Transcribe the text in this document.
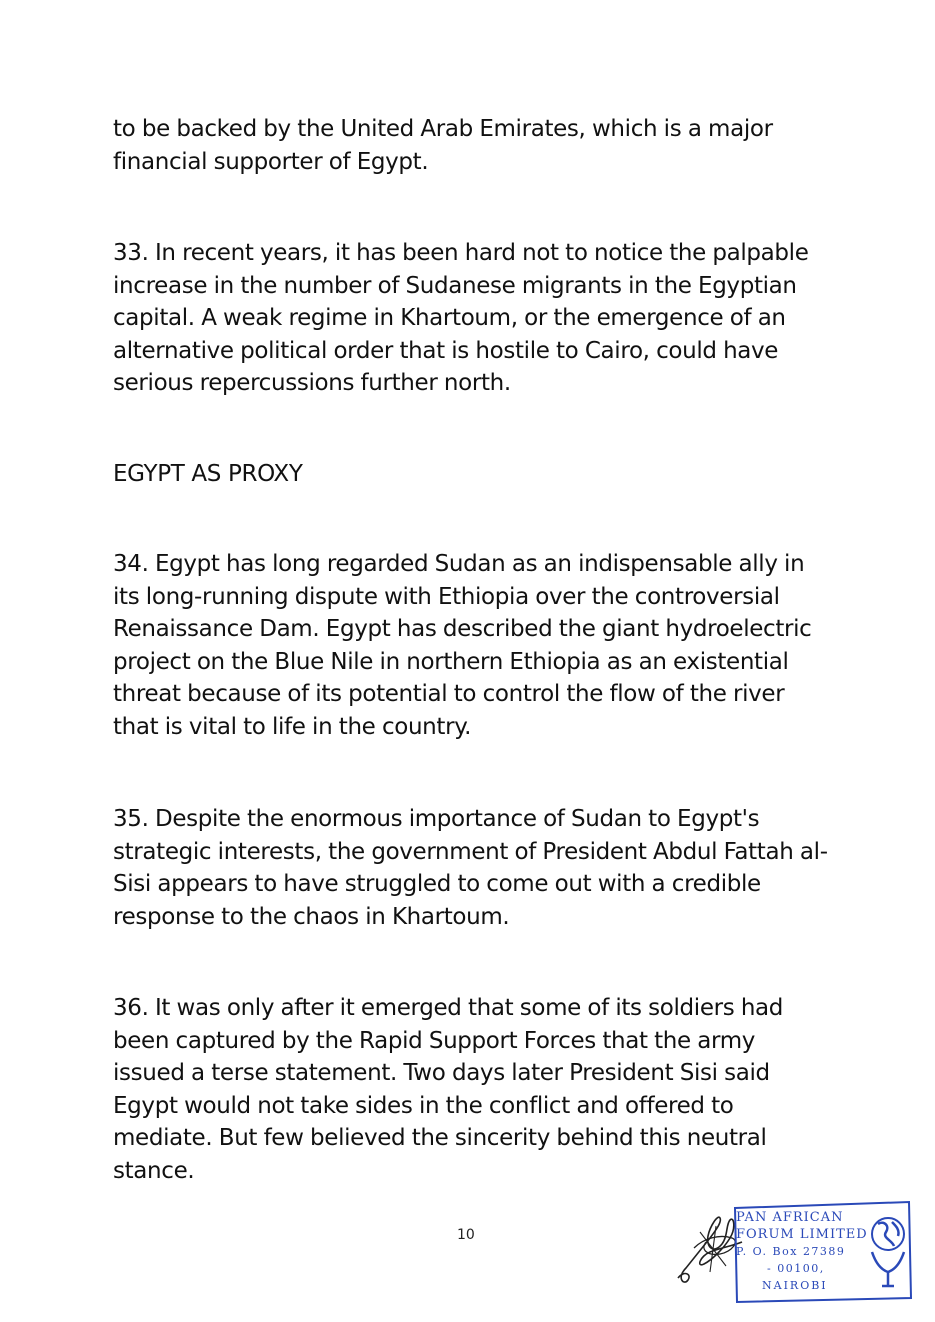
to be backed by the United Arab Emirates, which is a major financial supporter of Egypt.

33. In recent years, it has been hard not to notice the palpable increase in the number of Sudanese migrants in the Egyptian capital. A weak regime in Khartoum, or the emergence of an alternative political order that is hostile to Cairo, could have serious repercussions further north.

EGYPT AS PROXY

34. Egypt has long regarded Sudan as an indispensable ally in its long-running dispute with Ethiopia over the controversial Renaissance Dam. Egypt has described the giant hydroelectric project on the Blue Nile in northern Ethiopia as an existential threat because of its potential to control the flow of the river that is vital to life in the country.

35. Despite the enormous importance of Sudan to Egypt's strategic interests, the government of President Abdul Fattah al-Sisi appears to have struggled to come out with a credible response to the chaos in Khartoum.

36. It was only after it emerged that some of its soldiers had been captured by the Rapid Support Forces that the army issued a terse statement. Two days later President Sisi said Egypt would not take sides in the conflict and offered to mediate. But few believed the sincerity behind this neutral stance.

10
PAN AFRICAN
FORUM LIMITED
P. O. Box 27389
- 00100,
NAIROBI
